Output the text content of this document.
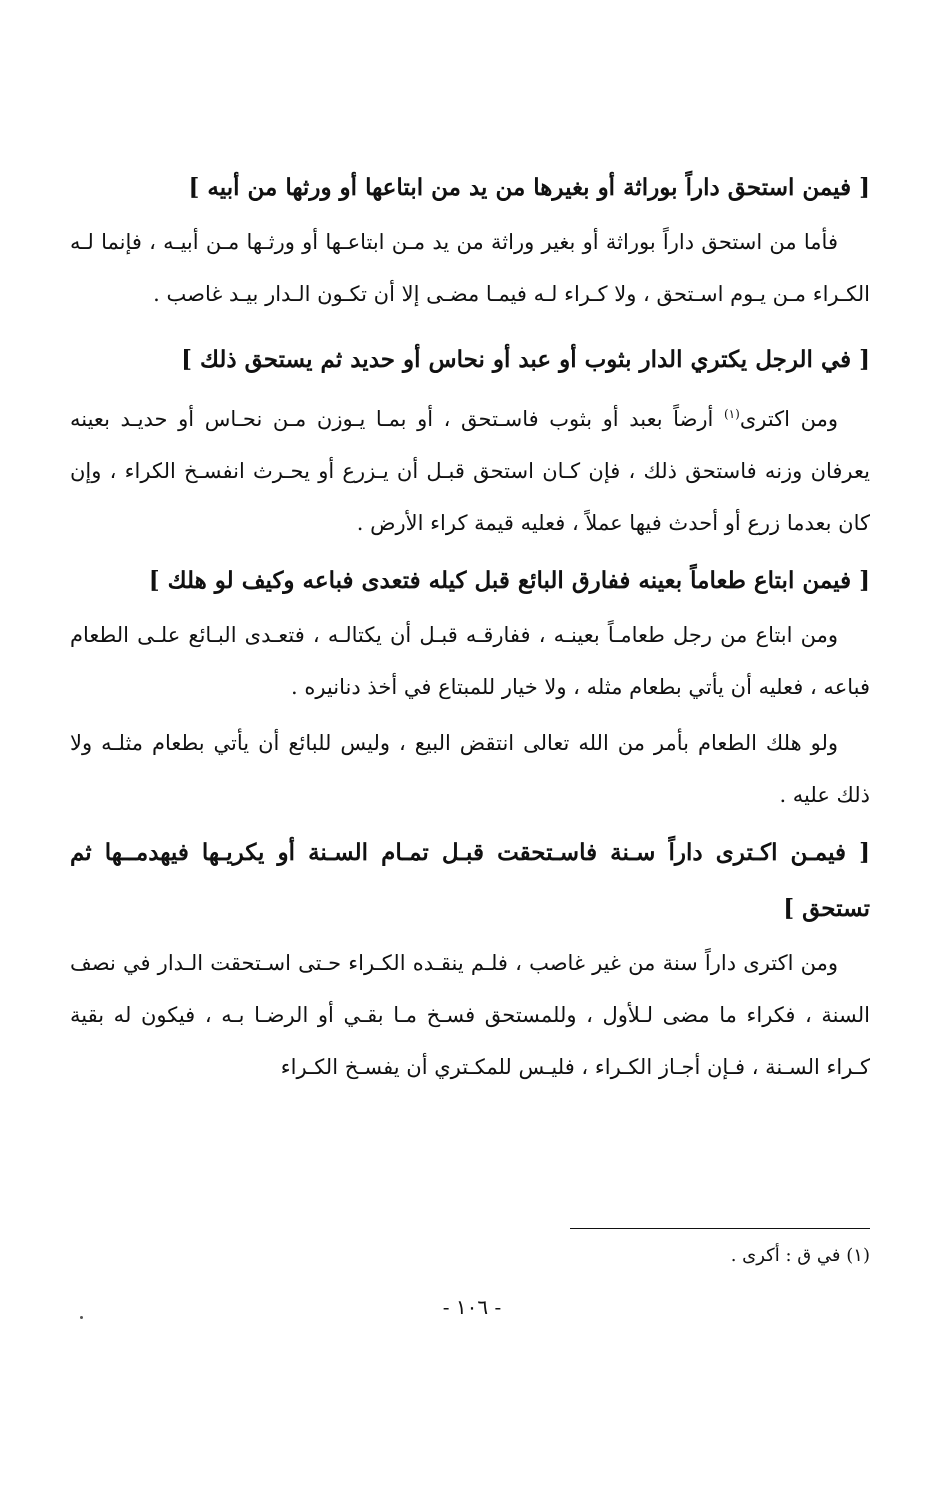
[ فيمن استحق داراً بوراثة أو بغيرها من يد من ابتاعها أو ورثها من أبيه ]

فأما من استحق داراً بوراثة أو بغير وراثة من يد مـن ابتاعـها أو ورثـها مـن أبيـه ، فإنما لـه الكـراء مـن يـوم اسـتحق ، ولا كـراء لـه فيمـا مضـى إلا أن تكـون الـدار بيـد غاصب .

[ في الرجل يكتري الدار بثوب أو عبد أو نحاس أو حديد ثم يستحق ذلك ]

ومن اكترى$^{(١)}$ أرضاً بعبد أو بثوب فاسـتحق ، أو بمـا يـوزن مـن نحـاس أو حديـد بعينه يعرفان وزنه فاستحق ذلك ، فإن كـان استحق قبـل أن يـزرع أو يحـرث انفسـخ الكراء ، وإن كان بعدما زرع أو أحدث فيها عملاً ، فعليه قيمة كراء الأرض .

[ فيمن ابتاع طعاماً بعينه ففارق البائع قبل كيله فتعدى فباعه وكيف لو هلك ]

ومن ابتاع من رجل طعامـاً بعينـه ، ففارقـه قبـل أن يكتالـه ، فتعـدى البـائع علـى الطعام فباعه ، فعليه أن يأتي بطعام مثله ، ولا خيار للمبتاع في أخذ دنانيره .

ولو هلك الطعام بأمر من الله تعالى انتقض البيع ، وليس للبائع أن يأتي بطعام مثلـه ولا ذلك عليه .

[ فيمـن اكـترى داراً سـنة فاسـتحقت قبـل تمـام السـنة أو يكريـها فيهدمــها ثم تستحق ]

ومن اكترى داراً سنة من غير غاصب ، فلـم ينقـده الكـراء حـتى اسـتحقت الـدار في نصف السنة ، فكراء ما مضى لـلأول ، وللمستحق فسـخ مـا بقـي أو الرضـا بـه ، فيكون له بقية كـراء السـنة ، فـإن أجـاز الكـراء ، فليـس للمكـتري أن يفسـخ الكـراء

(١) في ق : أكرى .
- ١٠٦ -
